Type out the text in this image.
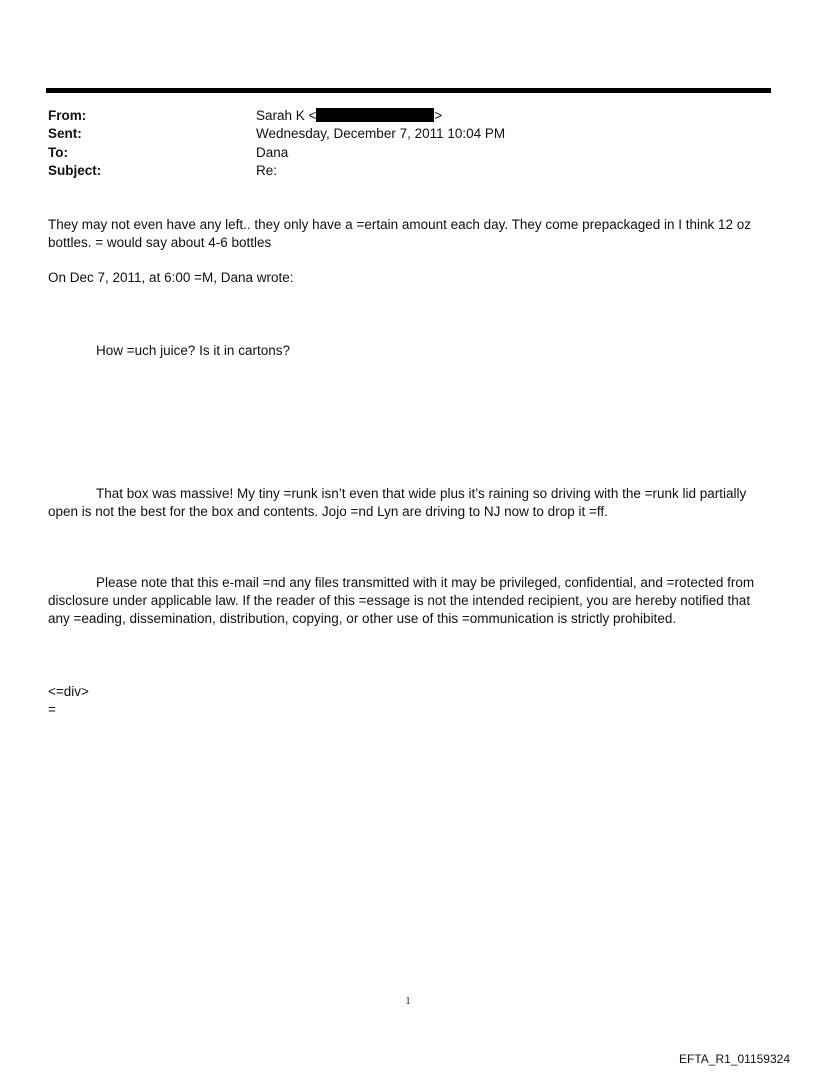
From:	Sarah K <	>
Sent:	Wednesday, December 7, 2011 10:04 PM
To:	Dana
Subject:	Re:
They may not even have any left.. they only have a =ertain amount each day. They come prepackaged in I think 12 oz bottles. = would say about 4-6 bottles
On Dec 7, 2011, at 6:00 =M, Dana wrote:
How =uch juice? Is it in cartons?
That box was massive! My tiny =runk isn’t even that wide plus it’s raining so driving with the =runk lid partially open is not the best for the box and contents. Jojo =nd Lyn are driving to NJ now to drop it =ff.
Please note that this e-mail =nd any files transmitted with it may be privileged, confidential, and =rotected from disclosure under applicable law. If the reader of this =essage is not the intended recipient, you are hereby notified that any =eading, dissemination, distribution, copying, or other use of this =ommunication is strictly prohibited.
<=div>
=
1
EFTA_R1_01159324
